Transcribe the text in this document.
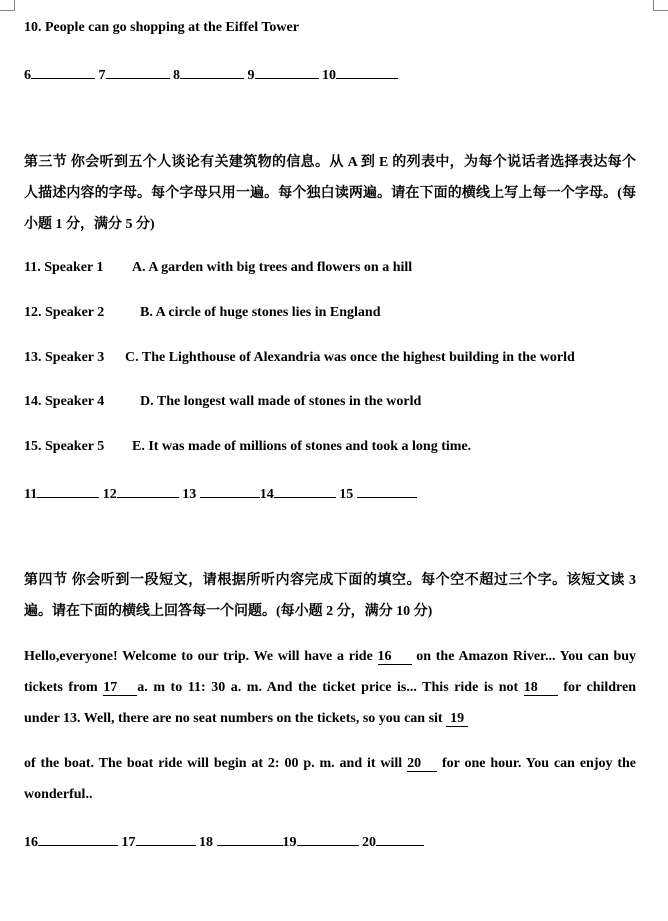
10. People can go shopping at the Eiffel Tower
6	7	8	9	10
第三节 你会听到五个人谈论有关建筑物的信息。从 A 到 E 的列表中，为每个说话者选择表达每个
人描述内容的字母。每个字母只用一遍。每个独白读两遍。请在下面的横线上写上每一个字母。(每
小题 1 分，满分 5 分)
11. Speaker 1 A. A garden with big trees and flowers on a hill
12. Speaker 2	B. A circle of huge stones lies in England
13. Speaker 3 C. The Lighthouse of Alexandria was once the highest building in the world
14. Speaker 4	D. The longest wall made of stones in the world
15. Speaker 5 E. It was made of millions of stones and took a long time.
11	12	13	14	15
第四节 你会听到一段短文，请根据所听内容完成下面的填空。每个空不超过三个字。该短文读 3
遍。请在下面的横线上回答每一个问题。(每小题 2 分，满分 10 分)
Hello,everyone! Welcome to our trip. We will have a ride 16 on the Amazon River... You can buy
tickets from 17 a. m to 11: 30 a. m. And the ticket price is... This ride is not 18 for children
under 13. Well, there are no seat numbers on the tickets, so you can sit 19
of the boat. The boat ride will begin at 2: 00 p. m. and it will 20 for one hour. You can enjoy the
wonderful..
16	17	18	19	20
